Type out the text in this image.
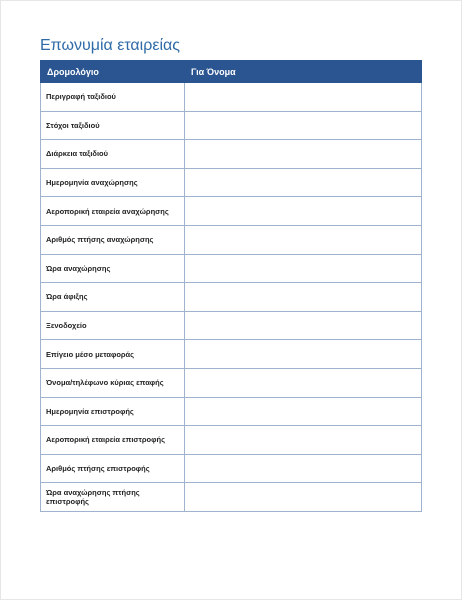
Επωνυμία εταιρείας
Δρομολόγιο	Για Όνομα
Περιγραφή ταξιδιού	
Στόχοι ταξιδιού	
Διάρκεια ταξιδιού	
Ημερομηνία αναχώρησης	
Αεροπορική εταιρεία αναχώρησης	
Αριθμός πτήσης αναχώρησης	
Ώρα αναχώρησης	
Ώρα άφιξης	
Ξενοδοχείο	
Επίγειο μέσο μεταφοράς	
Όνομα/τηλέφωνο κύριας επαφής	
Ημερομηνία επιστροφής	
Αεροπορική εταιρεία επιστροφής	
Αριθμός πτήσης επιστροφής	
Ώρα αναχώρησης πτήσης επιστροφής	
